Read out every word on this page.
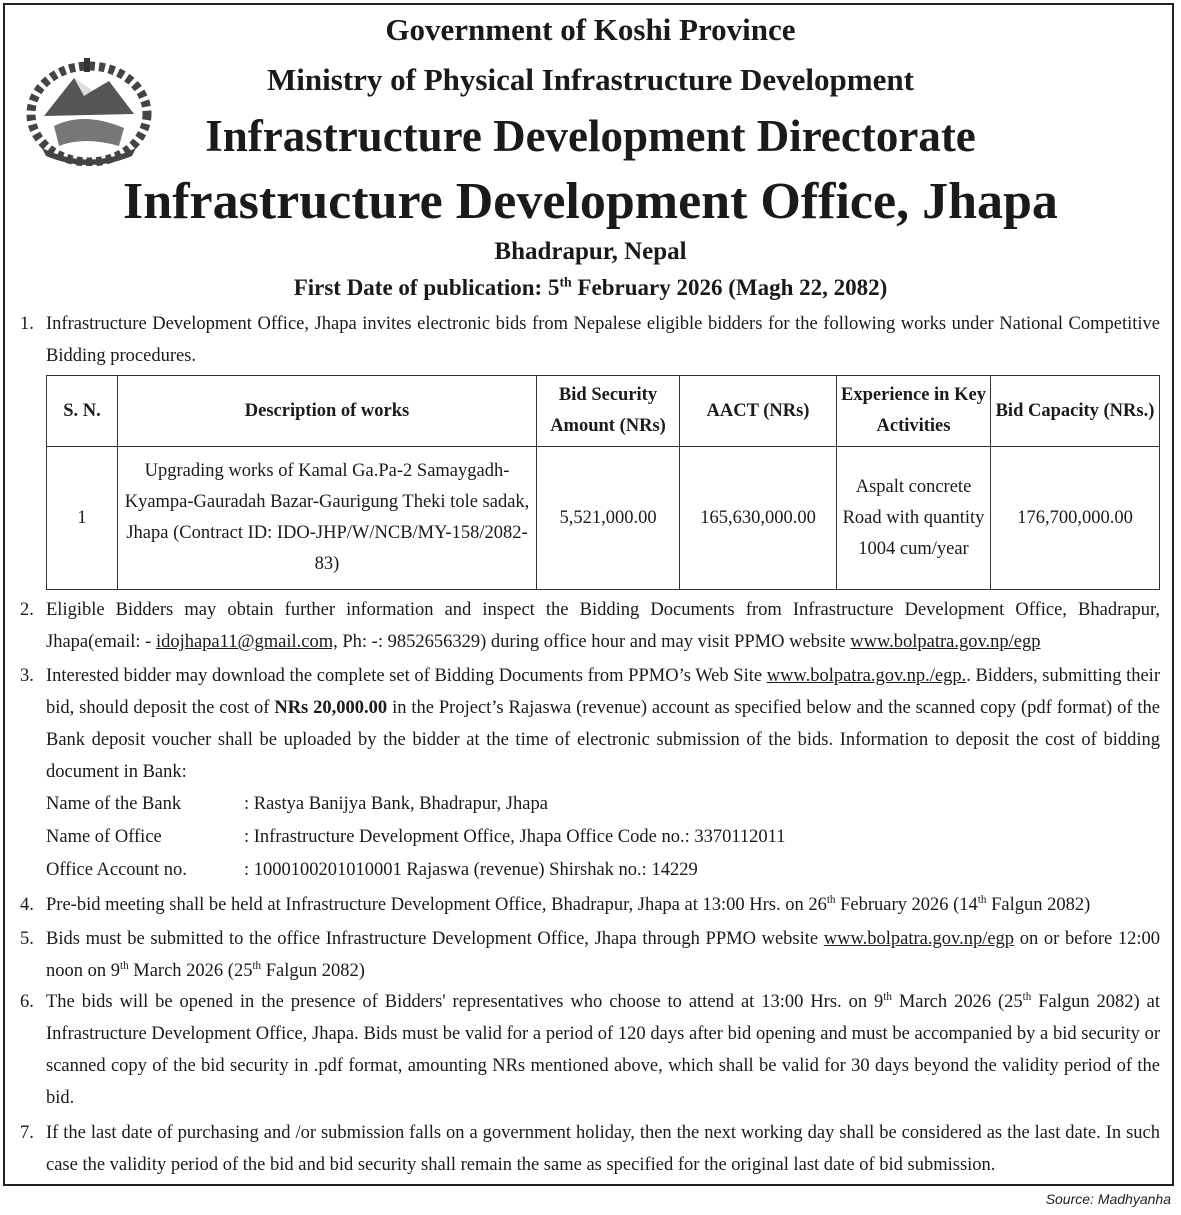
Government of Koshi Province
Ministry of Physical Infrastructure Development
Infrastructure Development Directorate
Infrastructure Development Office, Jhapa
Bhadrapur, Nepal
First Date of publication: 5th February 2026 (Magh 22, 2082)
1. Infrastructure Development Office, Jhapa invites electronic bids from Nepalese eligible bidders for the following works under National Competitive Bidding procedures.
S. N.	Description of works	Bid Security Amount (NRs)	AACT (NRs)	Experience in Key Activities	Bid Capacity (NRs.)
1	Upgrading works of Kamal Ga.Pa-2 Samaygadh-Kyampa-Gauradah Bazar-Gaurigung Theki tole sadak, Jhapa (Contract ID: IDO-JHP/W/NCB/MY-158/2082-83)	5,521,000.00	165,630,000.00	Aspalt concrete Road with quantity 1004 cum/year	176,700,000.00
2. Eligible Bidders may obtain further information and inspect the Bidding Documents from Infrastructure Development Office, Bhadrapur, Jhapa(email: - idojhapa11@gmail.com, Ph: -: 9852656329) during office hour and may visit PPMO website www.bolpatra.gov.np/egp
3. Interested bidder may download the complete set of Bidding Documents from PPMO’s Web Site www.bolpatra.gov.np./egp.. Bidders, submitting their bid, should deposit the cost of NRs 20,000.00 in the Project’s Rajaswa (revenue) account as specified below and the scanned copy (pdf format) of the Bank deposit voucher shall be uploaded by the bidder at the time of electronic submission of the bids. Information to deposit the cost of bidding document in Bank:
Name of the Bank	: Rastya Banijya Bank, Bhadrapur, Jhapa
Name of Office	: Infrastructure Development Office, Jhapa Office Code no.: 3370112011
Office Account no.	: 1000100201010001 Rajaswa (revenue) Shirshak no.: 14229
4. Pre-bid meeting shall be held at Infrastructure Development Office, Bhadrapur, Jhapa at 13:00 Hrs. on 26th February 2026 (14th Falgun 2082)
5. Bids must be submitted to the office Infrastructure Development Office, Jhapa through PPMO website www.bolpatra.gov.np/egp on or before 12:00 noon on 9th March 2026 (25th Falgun 2082)
6. The bids will be opened in the presence of Bidders' representatives who choose to attend at 13:00 Hrs. on 9th March 2026 (25th Falgun 2082) at Infrastructure Development Office, Jhapa. Bids must be valid for a period of 120 days after bid opening and must be accompanied by a bid security or scanned copy of the bid security in .pdf format, amounting NRs mentioned above, which shall be valid for 30 days beyond the validity period of the bid.
7. If the last date of purchasing and /or submission falls on a government holiday, then the next working day shall be considered as the last date. In such case the validity period of the bid and bid security shall remain the same as specified for the original last date of bid submission.
Source: Madhyanha
